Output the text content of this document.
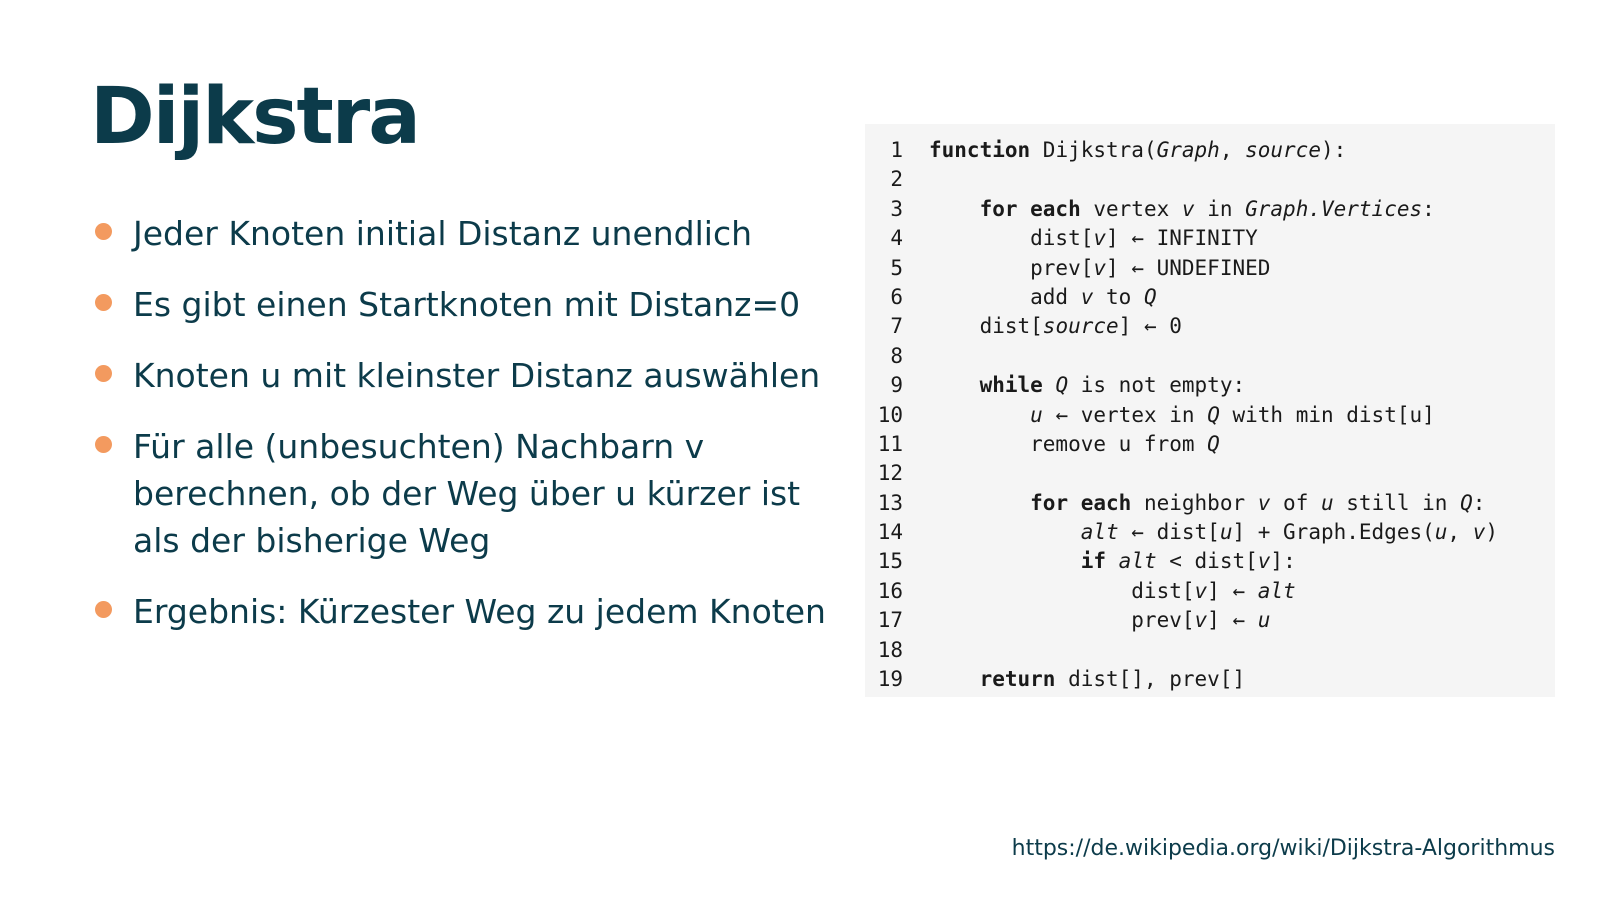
Dijkstra
Jeder Knoten initial Distanz unendlich
Es gibt einen Startknoten mit Distanz=0
Knoten u mit kleinster Distanz auswählen
Für alle (unbesuchten) Nachbarn v berechnen, ob der Weg über u kürzer ist als der bisherige Weg
Ergebnis: Kürzester Weg zu jedem Knoten
1	function Dijkstra(Graph, source):
2
3	for each vertex v in Graph.Vertices:
4	dist[v] ← INFINITY
5	prev[v] ← UNDEFINED
6	add v to Q
7	dist[source] ← 0
8
9	while Q is not empty:
10	u ← vertex in Q with min dist[u]
11	remove u from Q
12
13	for each neighbor v of u still in Q:
14	alt ← dist[u] + Graph.Edges(u, v)
15	if alt < dist[v]:
16	dist[v] ← alt
17	prev[v] ← u
18
19	return dist[], prev[]
https://de.wikipedia.org/wiki/Dijkstra-Algorithmus
